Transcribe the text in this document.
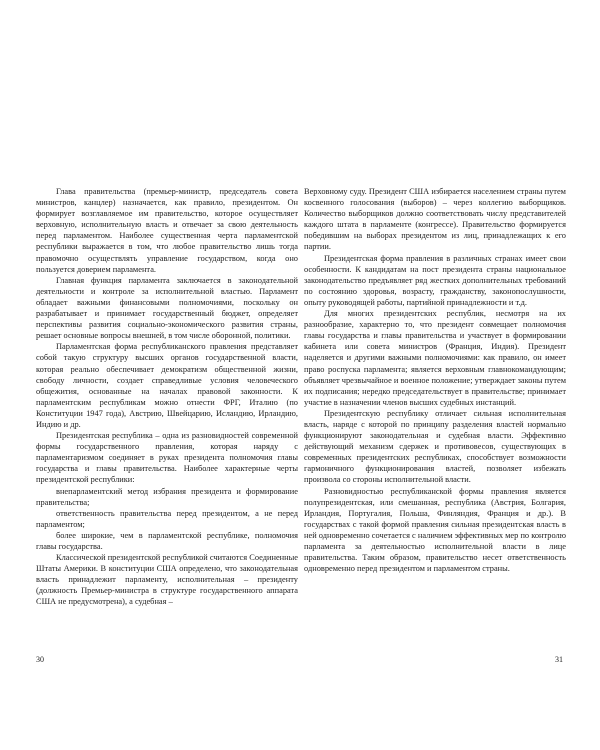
Глава правительства (премьер-министр, председатель совета министров, канцлер) назначается, как правило, президентом. Он формирует возглавляемое им правительство, которое осуществляет верховную, исполнительную власть и отвечает за свою деятельность перед парламентом. Наиболее существенная черта парламентской республики выражается в том, что любое правительство лишь тогда правомочно осуществлять управление государством, когда оно пользуется доверием парламента.

Главная функция парламента заключается в законодательной деятельности и контроле за исполнительной властью. Парламент обладает важными финансовыми полномочиями, поскольку он разрабатывает и принимает государственный бюджет, определяет перспективы развития социально-экономического развития страны, решает основные вопросы внешней, в том числе оборонной, политики.

Парламентская форма республиканского правления представляет собой такую структуру высших органов государственной власти, которая реально обеспечивает демократизм общественной жизни, свободу личности, создает справедливые условия человеческого общежития, основанные на началах правовой законности. К парламентским республикам можно отнести ФРГ, Италию (по Конституции 1947 года), Австрию, Швейцарию, Исландию, Ирландию, Индию и др.

Президентская республика – одна из разновидностей современной формы государственного правления, которая наряду с парламентаризмом соединяет в руках президента полномочия главы государства и главы правительства. Наиболее характерные черты президентской республики:

внепарламентский метод избрания президента и формирование правительства;

ответственность правительства перед президентом, а не перед парламентом;

более широкие, чем в парламентской республике, полномочия главы государства.

Классической президентской республикой считаются Соединенные Штаты Америки. В конституции США определено, что законодательная власть принадлежит парламенту, исполнительная – президенту (должность Премьер-министра в структуре государственного аппарата США не предусмотрена), а судебная –

30

Верховному суду. Президент США избирается населением страны путем косвенного голосования (выборов) – через коллегию выборщиков. Количество выборщиков должно соответствовать числу представителей каждого штата в парламенте (конгрессе). Правительство формируется победившим на выборах президентом из лиц, принадлежащих к его партии.

Президентская форма правления в различных странах имеет свои особенности. К кандидатам на пост президента страны национальное законодательство предъявляет ряд жестких дополнительных требований по состоянию здоровья, возрасту, гражданству, законопослушности, опыту руководящей работы, партийной принадлежности и т.д.

Для многих президентских республик, несмотря на их разнообразие, характерно то, что президент совмещает полномочия главы государства и главы правительства и участвует в формировании кабинета или совета министров (Франция, Индия). Президент наделяется и другими важными полномочиями: как правило, он имеет право роспуска парламента; является верховным главнокомандующим; объявляет чрезвычайное и военное положение; утверждает законы путем их подписания; нередко председательствует в правительстве; принимает участие в назначении членов высших судебных инстанций.

Президентскую республику отличает сильная исполнительная власть, наряде с которой по принципу разделения властей нормально функционируют законодательная и судебная власти. Эффективно действующий механизм сдержек и противовесов, существующих в современных президентских республиках, способствует возможности гармоничного функционирования властей, позволяет избежать произвола со стороны исполнительной власти.

Разновидностью республиканской формы правления является полупрезидентская, или смешанная, республика (Австрия, Болгария, Ирландия, Португалия, Польша, Финляндия, Франция и др.). В государствах с такой формой правления сильная президентская власть в ней одновременно сочетается с наличием эффективных мер по контролю парламента за деятельностью исполнительной власти в лице правительства. Таким образом, правительство несет ответственность одновременно перед президентом и парламентом страны.

31
